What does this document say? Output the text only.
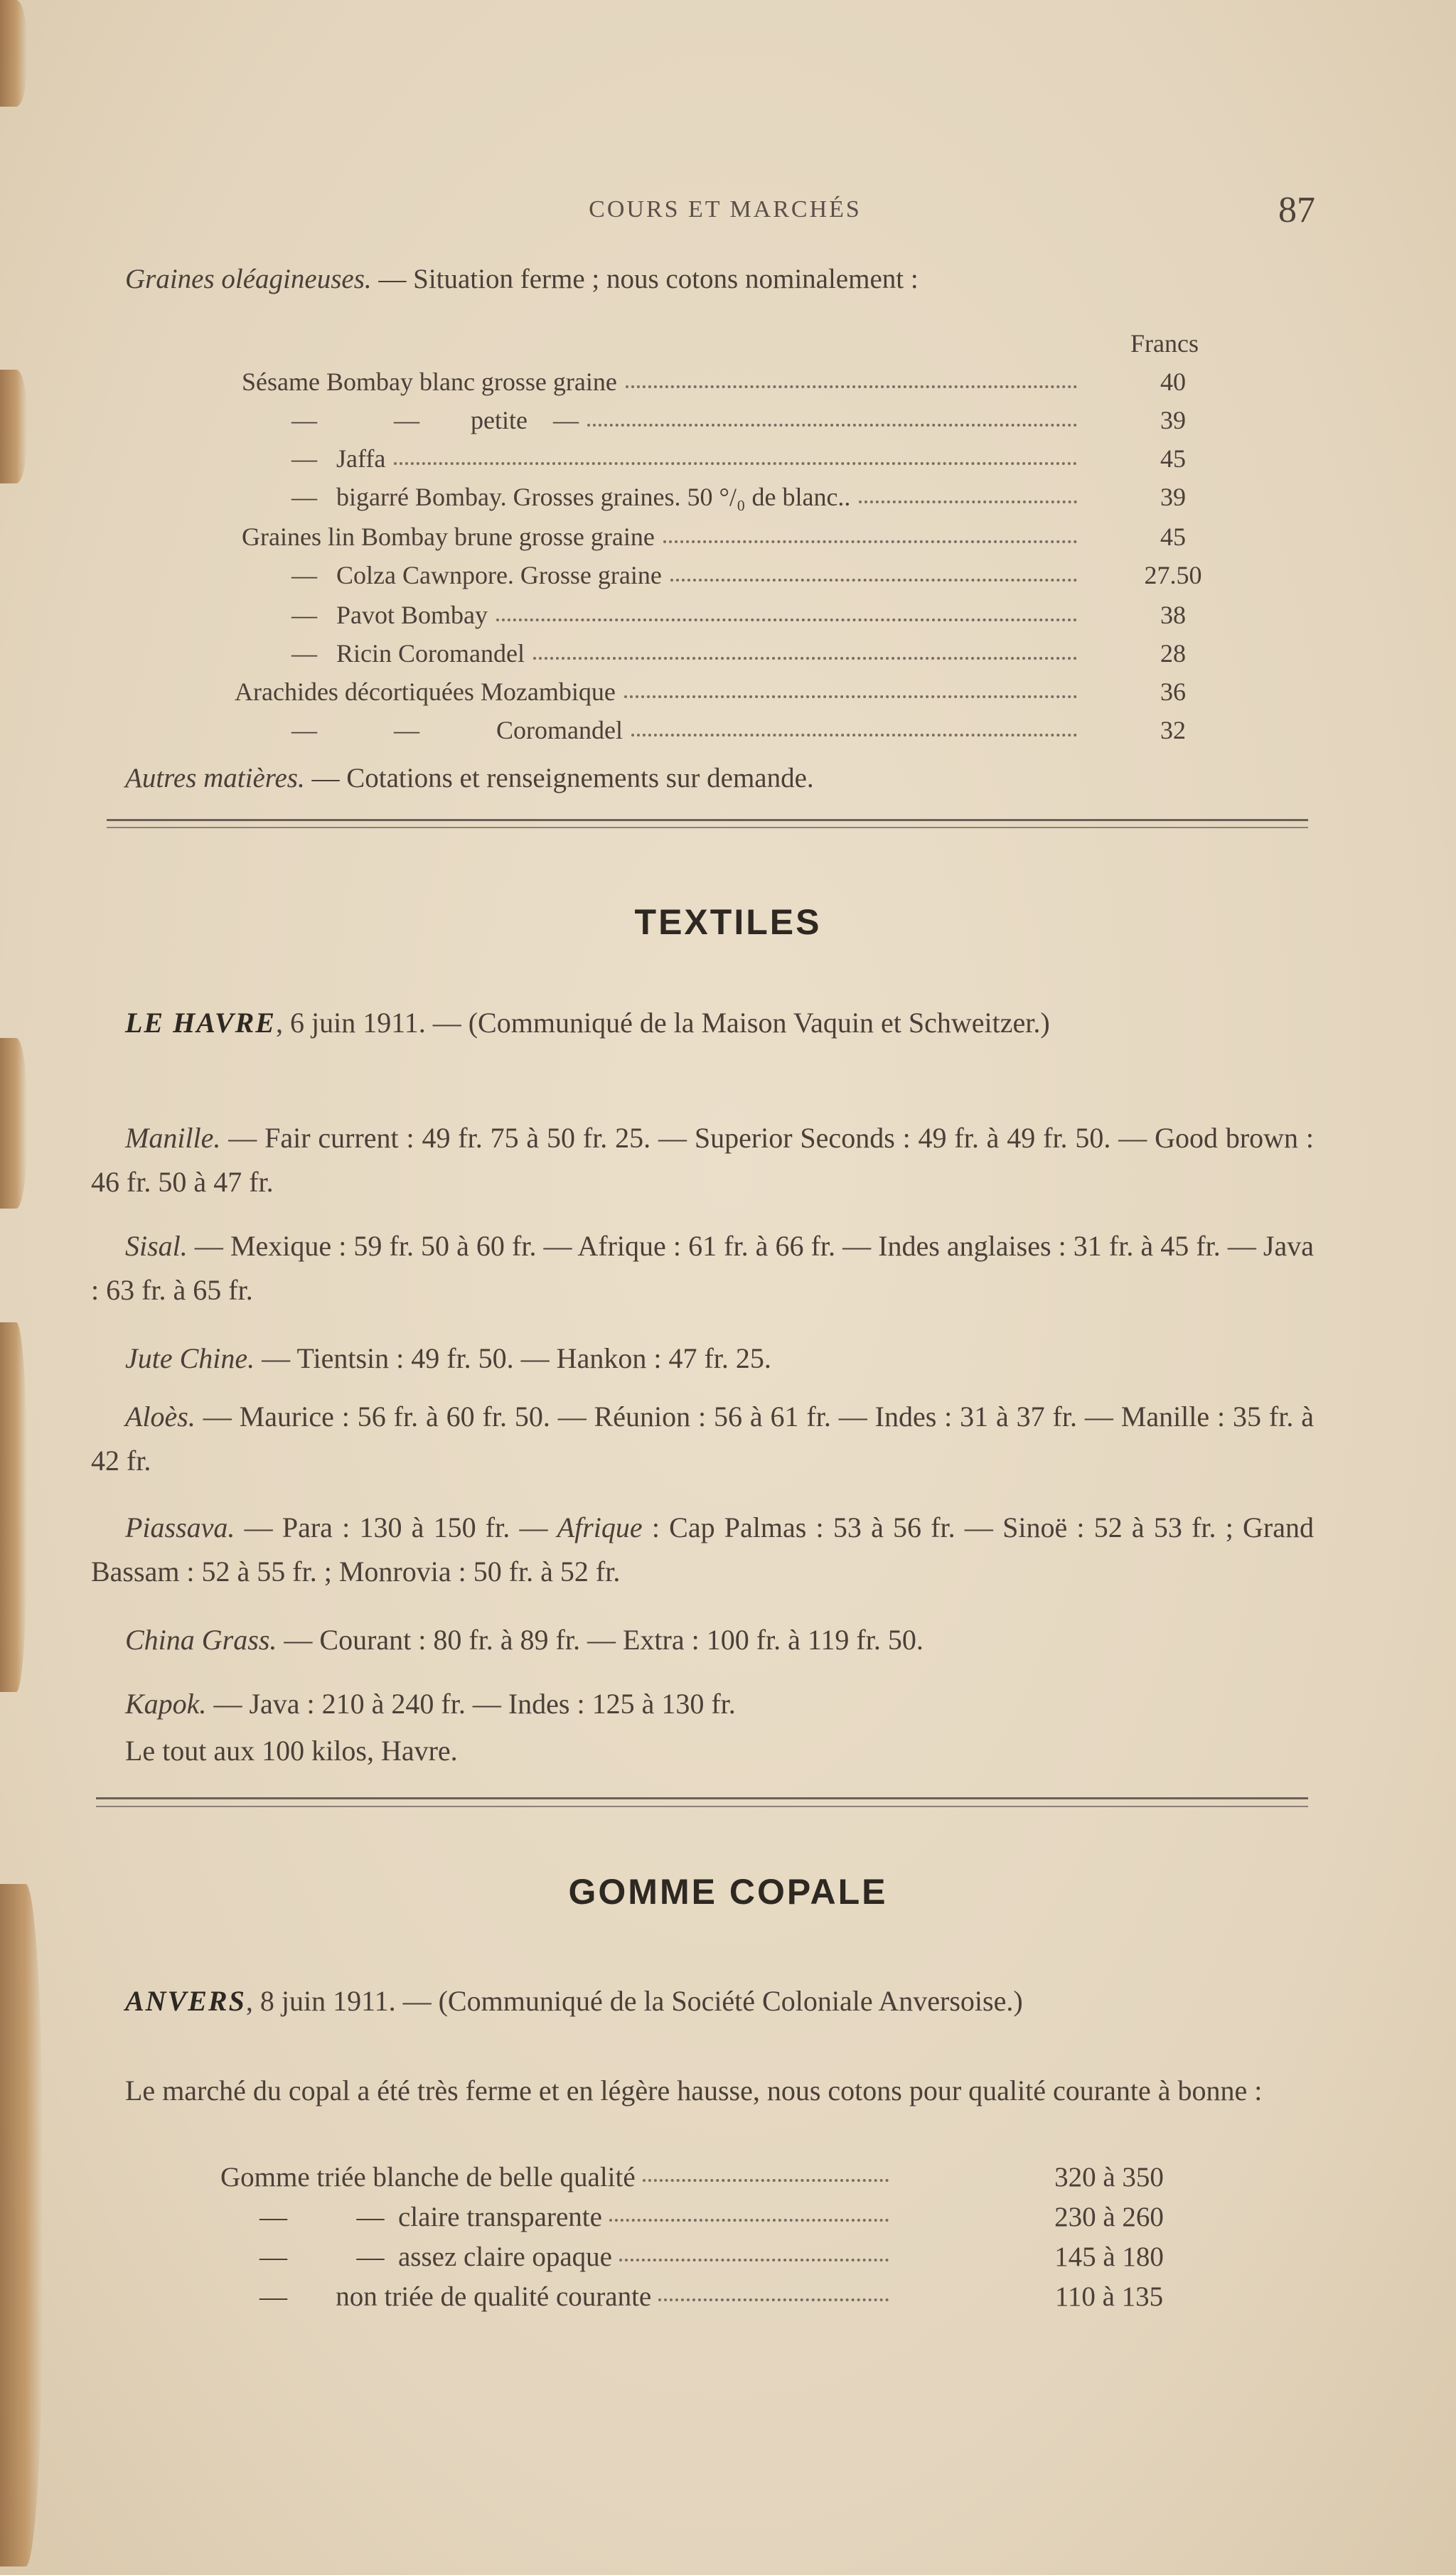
COURS ET MARCHÉS	87
Graines oléagineuses. — Situation ferme ; nous cotons nominalement :
Francs
Sésame Bombay blanc grosse graine	40
—            —        petite    —	39
—   Jaffa	45
—   bigarré Bombay. Grosses graines. 50 °/₀ de blanc..	39
Graines lin Bombay brune grosse graine	45
—   Colza Cawnpore. Grosse graine	27.50
—   Pavot Bombay	38
—   Ricin Coromandel	28
Arachides décortiquées Mozambique	36
—            —            Coromandel	32
Autres matières. — Cotations et renseignements sur demande.
TEXTILES
LE HAVRE, 6 juin 1911. — (Communiqué de la Maison Vaquin et Schweitzer.)
Manille. — Fair current : 49 fr. 75 à 50 fr. 25. — Superior Seconds : 49 fr. à 49 fr. 50. — Good brown : 46 fr. 50 à 47 fr.
Sisal. — Mexique : 59 fr. 50 à 60 fr. — Afrique : 61 fr. à 66 fr. — Indes anglaises : 31 fr. à 45 fr. — Java : 63 fr. à 65 fr.
Jute Chine. — Tientsin : 49 fr. 50. — Hankon : 47 fr. 25.
Aloès. — Maurice : 56 fr. à 60 fr. 50. — Réunion : 56 à 61 fr. — Indes : 31 à 37 fr. — Manille : 35 fr. à 42 fr.
Piassava. — Para : 130 à 150 fr. — Afrique : Cap Palmas : 53 à 56 fr. — Sinoë : 52 à 53 fr. ; Grand Bassam : 52 à 55 fr. ; Monrovia : 50 fr. à 52 fr.
China Grass. — Courant : 80 fr. à 89 fr. — Extra : 100 fr. à 119 fr. 50.
Kapok. — Java : 210 à 240 fr. — Indes : 125 à 130 fr.
Le tout aux 100 kilos, Havre.
GOMME COPALE
ANVERS, 8 juin 1911. — (Communiqué de la Société Coloniale Anversoise.)
Le marché du copal a été très ferme et en légère hausse, nous cotons pour qualité courante à bonne :
Gomme triée blanche de belle qualité	320 à 350
—          —  claire transparente	230 à 260
—          —  assez claire opaque	145 à 180
—       non triée de qualité courante	110 à 135
